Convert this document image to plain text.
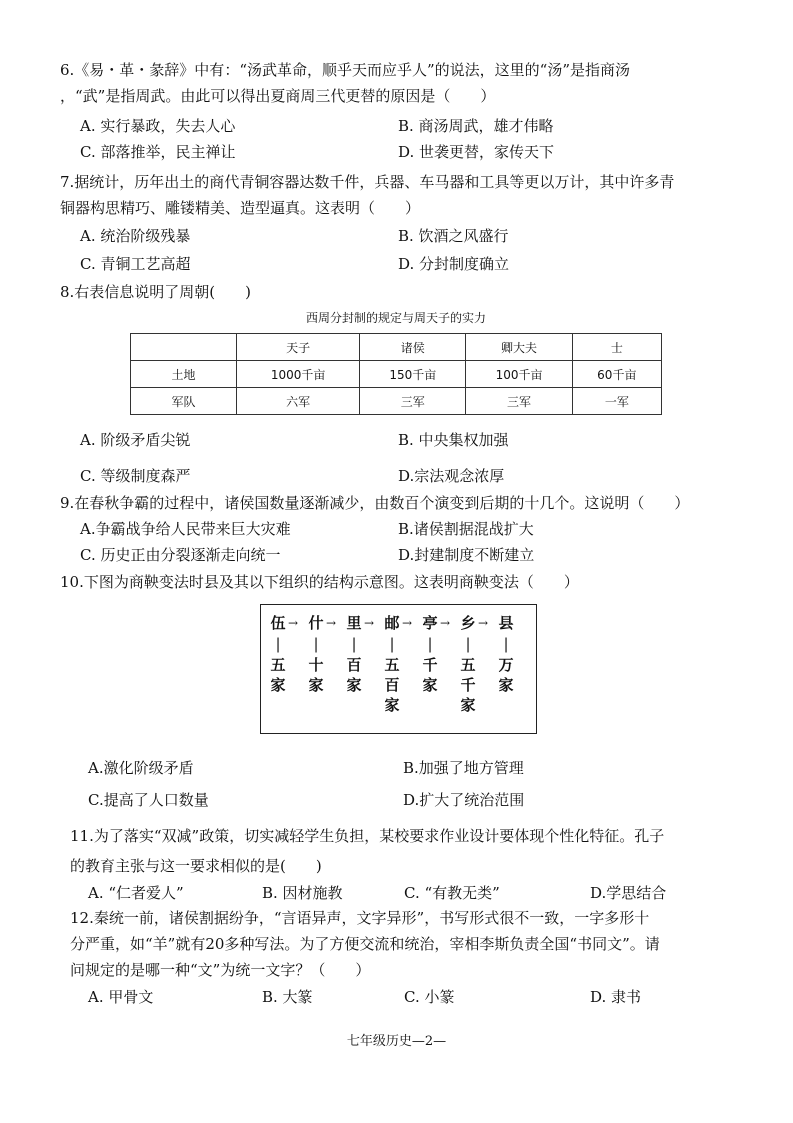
6.《易・革・彖辞》中有：“汤武革命，顺乎天而应乎人”的说法，这里的“汤”是指商汤
，“武”是指周武。由此可以得出夏商周三代更替的原因是（　　）
A. 实行暴政，失去人心	B. 商汤周武，雄才伟略
C. 部落推举，民主禅让	D. 世袭更替，家传天下
7.据统计，历年出土的商代青铜容器达数千件，兵器、车马器和工具等更以万计，其中许多青
铜器构思精巧、雕镂精美、造型逼真。这表明（　　）
A. 统治阶级残暴	B. 饮酒之风盛行
C. 青铜工艺高超	D. 分封制度确立
8.右表信息说明了周朝(　　)
西周分封制的规定与周天子的实力
	天子	诸侯	卿大夫	士
土地	1000千亩	150千亩	100千亩	60千亩
军队	六军	三军	三军	一军
A. 阶级矛盾尖锐	B. 中央集权加强
C. 等级制度森严	D.宗法观念浓厚
9.在春秋争霸的过程中，诸侯国数量逐渐减少，由数百个演变到后期的十几个。这说明（　　）
A.争霸战争给人民带来巨大灾难	B.诸侯割据混战扩大
C. 历史正由分裂逐渐走向统一	D.封建制度不断建立
10.下图为商鞅变法时县及其以下组织的结构示意图。这表明商鞅变法（　　）
伍
|
五家
→ 什
|
十家
→ 里
|
百家
→ 邮
|
五百家
→ 亭
|
千家
→ 乡
|
五千家
→ 县
|
万家
A.激化阶级矛盾	B.加强了地方管理
C.提高了人口数量	D.扩大了统治范围
11.为了落实“双减”政策，切实减轻学生负担，某校要求作业设计要体现个性化特征。孔子
的教育主张与这一要求相似的是(　　)
A. “仁者爱人”	B. 因材施教	C. “有教无类”	D.学思结合
12.秦统一前，诸侯割据纷争，“言语异声，文字异形”，书写形式很不一致，一字多形十
分严重，如“羊”就有20多种写法。为了方便交流和统治，宰相李斯负责全国“书同文”。请
问规定的是哪一种“文”为统一文字？（　　）
A. 甲骨文	B. 大篆	C. 小篆	D. 隶书
七年级历史—2—
